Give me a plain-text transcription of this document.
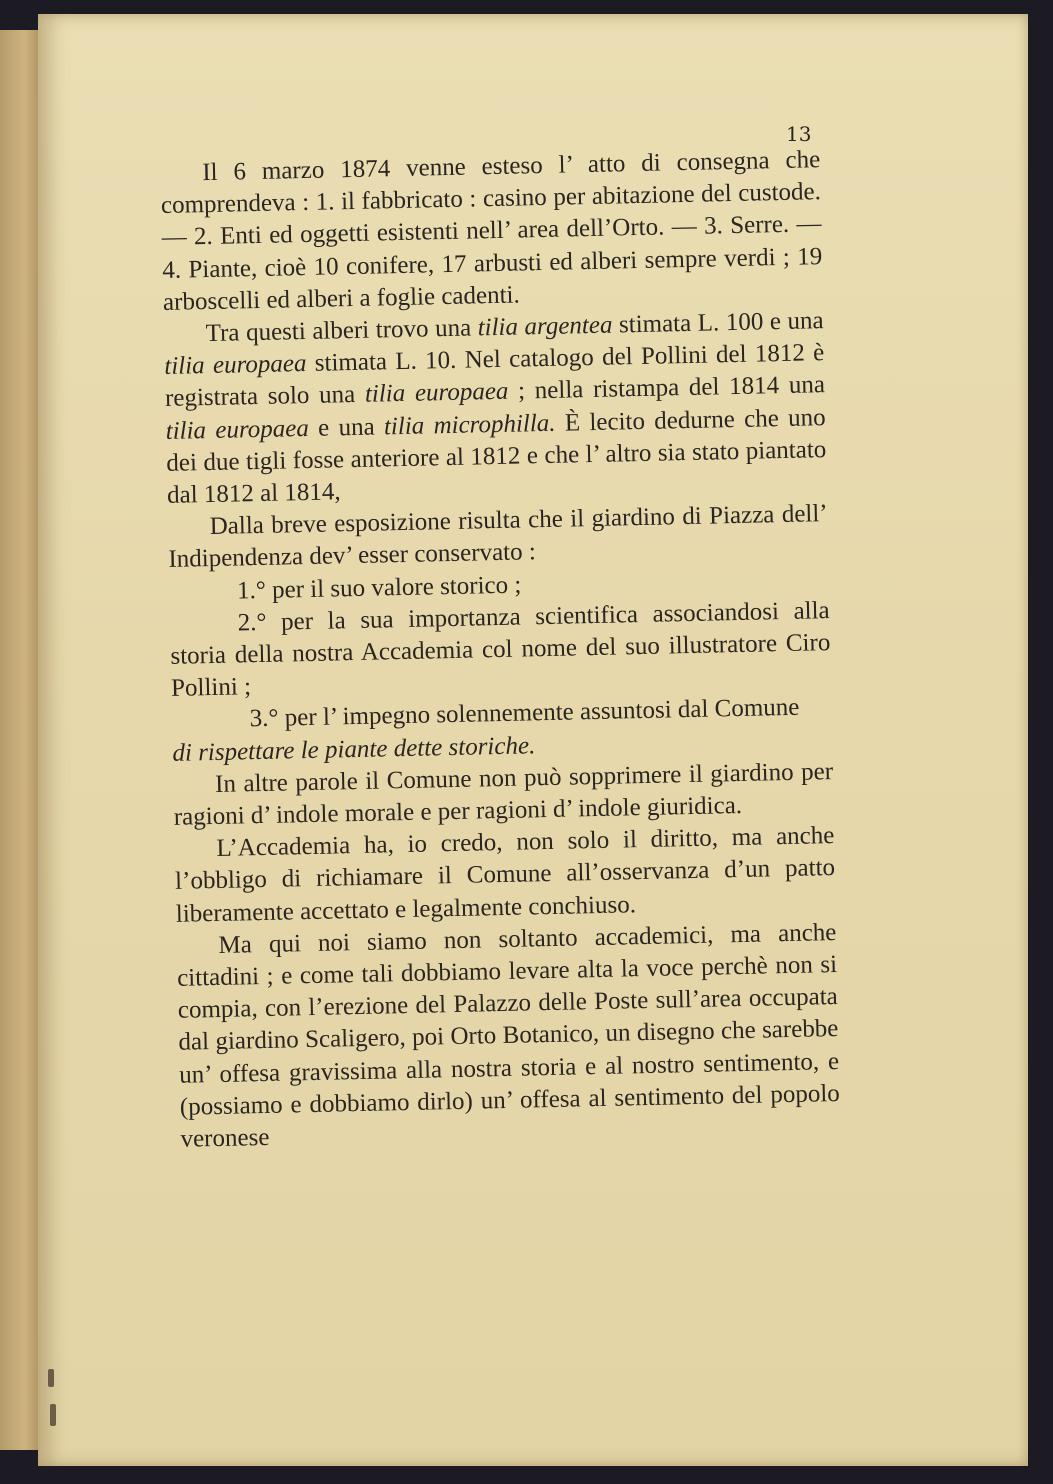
13

Il 6 marzo 1874 venne esteso l’ atto di consegna che comprendeva : 1. il fabbricato : casino per abitazione del custode. — 2. Enti ed oggetti esistenti nell’ area dell’Orto. — 3. Serre. — 4. Piante, cioè 10 conifere, 17 arbusti ed alberi sempre verdi ; 19 arboscelli ed alberi a foglie cadenti.

Tra questi alberi trovo una tilia argentea stimata L. 100 e una tilia europaea stimata L. 10. Nel catalogo del Pollini del 1812 è registrata solo una tilia europaea ; nella ristampa del 1814 una tilia europaea e una tilia microphilla. È lecito dedurne che uno dei due tigli fosse anteriore al 1812 e che l’ altro sia stato piantato dal 1812 al 1814,

Dalla breve esposizione risulta che il giardino di Piazza dell’ Indipendenza dev’ esser conservato :

1.° per il suo valore storico ;

2.° per la sua importanza scientifica associandosi alla storia della nostra Accademia col nome del suo illustratore Ciro Pollini ;

3.° per l’ impegno solennemente assuntosi dal Comune

di rispettare le piante dette storiche.

In altre parole il Comune non può sopprimere il giardino per ragioni d’ indole morale e per ragioni d’ indole giuridica.

L’Accademia ha, io credo, non solo il diritto, ma anche l’obbligo di richiamare il Comune all’osservanza d’un patto liberamente accettato e legalmente conchiuso.

Ma qui noi siamo non soltanto accademici, ma anche cittadini ; e come tali dobbiamo levare alta la voce perchè non si compia, con l’erezione del Palazzo delle Poste sull’area occupata dal giardino Scaligero, poi Orto Botanico, un disegno che sarebbe un’ offesa gravissima alla nostra storia e al nostro sentimento, e (possiamo e dobbiamo dirlo) un’ offesa al sentimento del popolo veronese
